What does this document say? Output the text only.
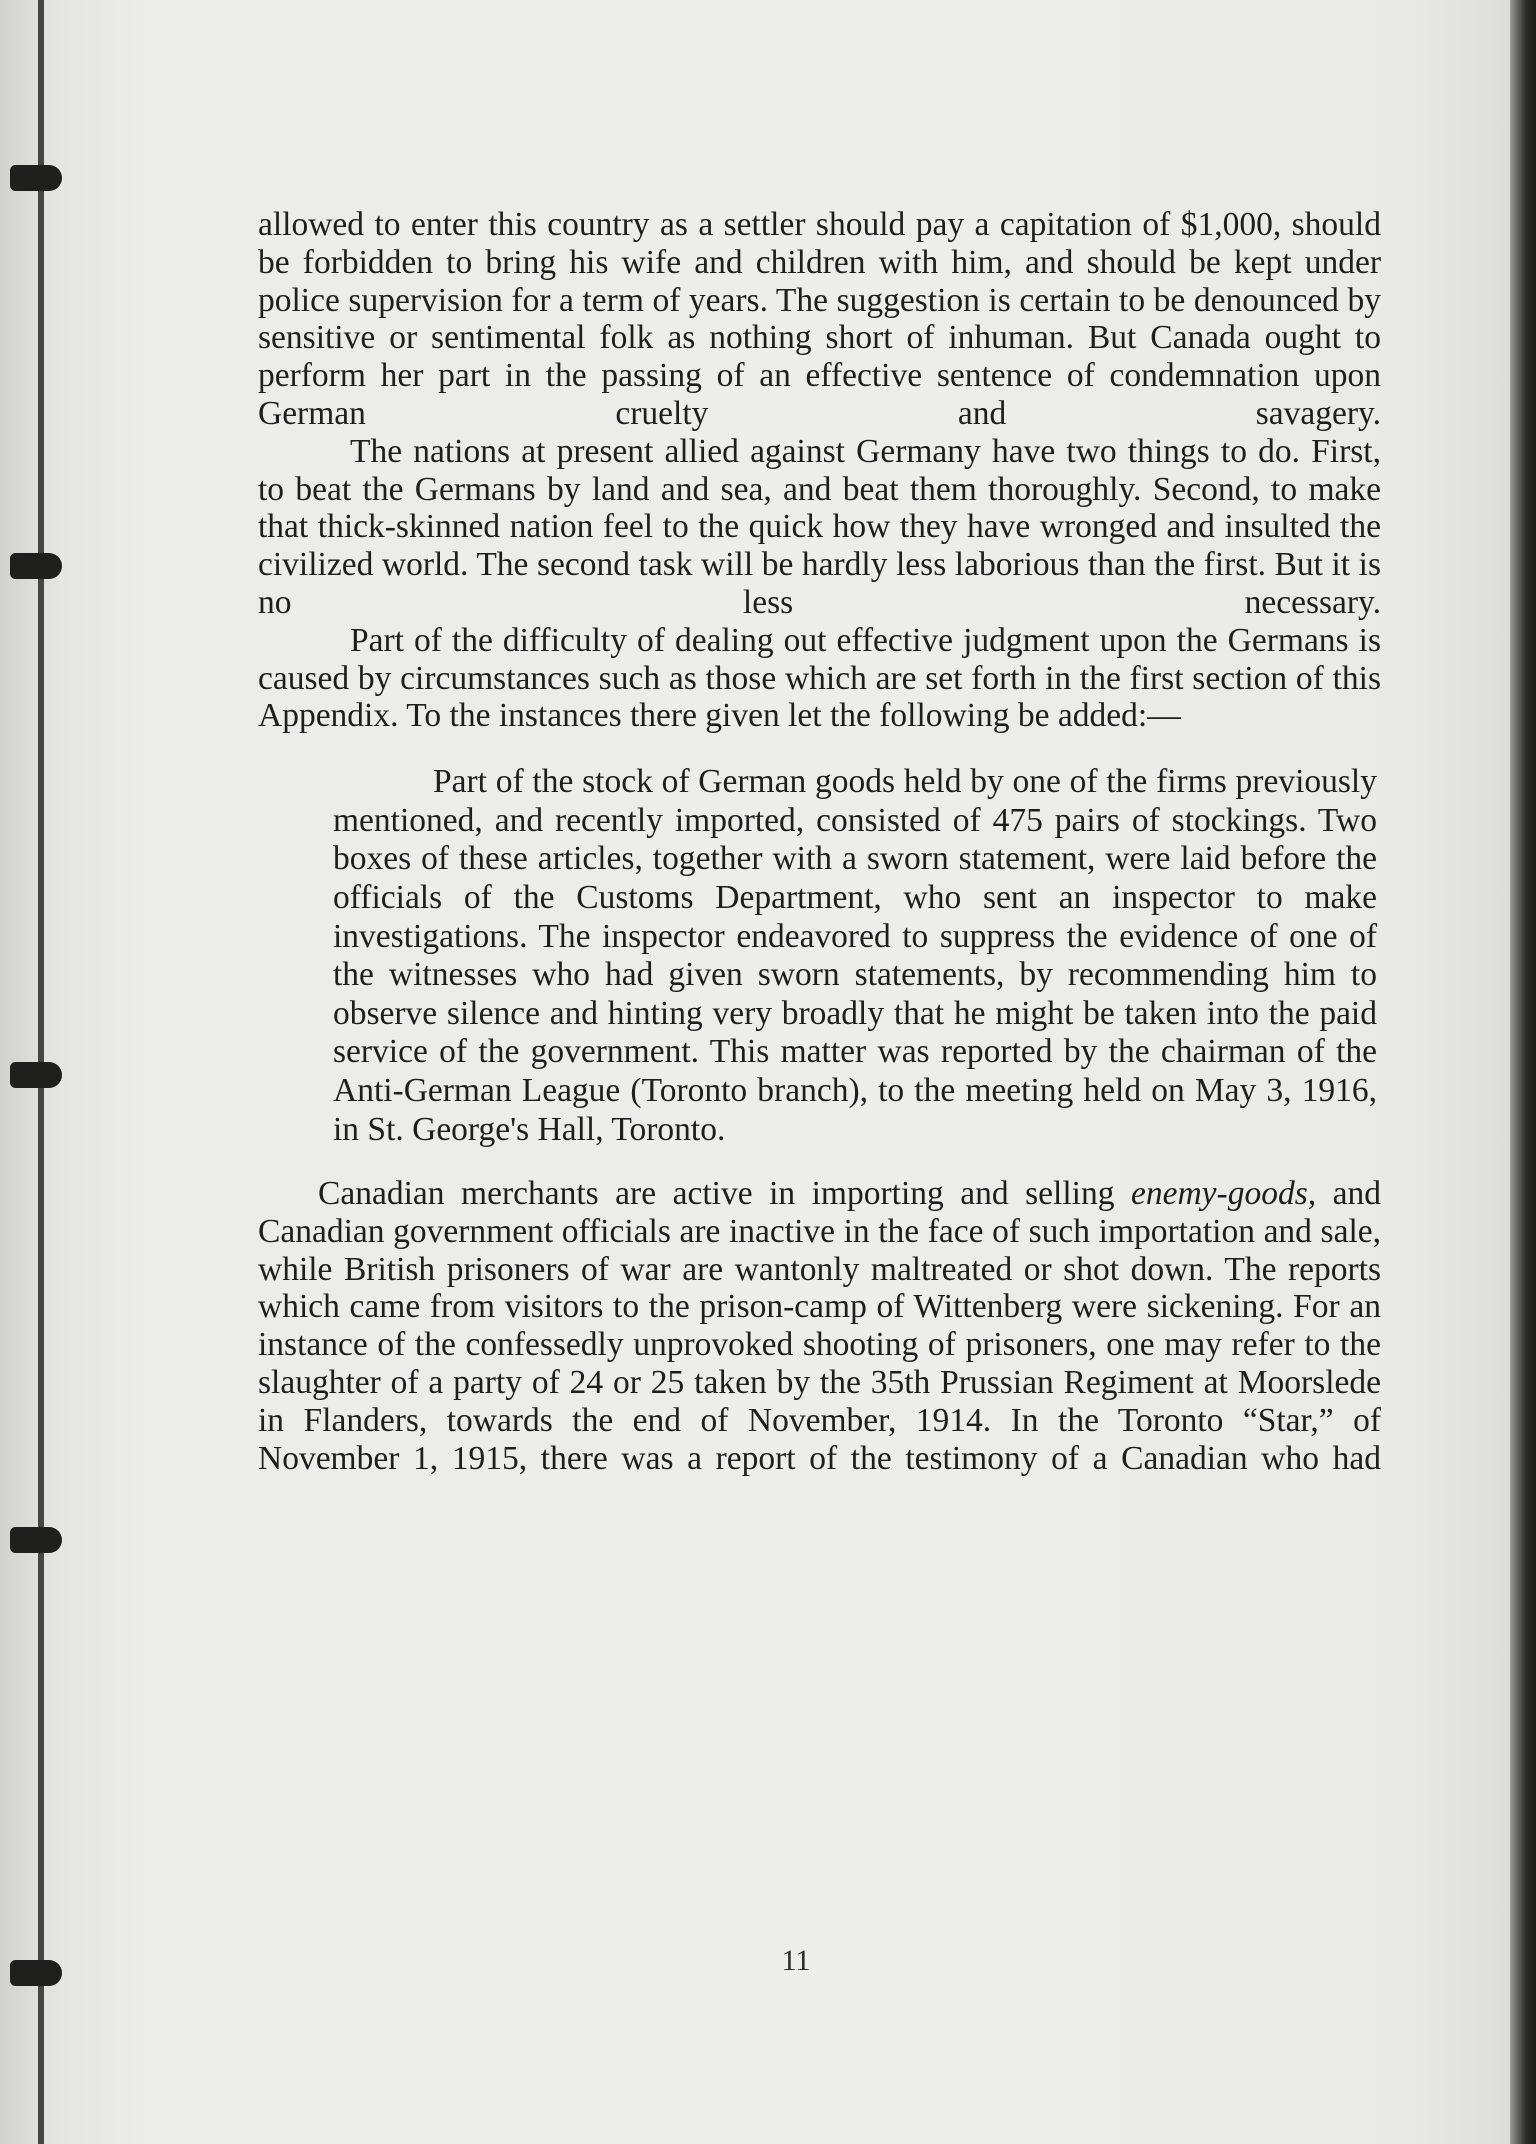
allowed to enter this country as a settler should pay a capitation of $1,000, should be forbidden to bring his wife and children with him, and should be kept under police supervision for a term of years. The suggestion is certain to be denounced by sensitive or sentimental folk as nothing short of inhuman. But Canada ought to perform her part in the passing of an effective sentence of condemnation upon German cruelty and savagery.

The nations at present allied against Germany have two things to do. First, to beat the Germans by land and sea, and beat them thoroughly. Second, to make that thick-skinned nation feel to the quick how they have wronged and insulted the civilized world. The second task will be hardly less laborious than the first. But it is no less necessary.

Part of the difficulty of dealing out effective judgment upon the Germans is caused by circumstances such as those which are set forth in the first section of this Appendix. To the instances there given let the following be added:—

Part of the stock of German goods held by one of the firms previously mentioned, and recently imported, consisted of 475 pairs of stockings. Two boxes of these articles, together with a sworn statement, were laid before the officials of the Customs Department, who sent an inspector to make investigations. The inspector endeavored to suppress the evidence of one of the witnesses who had given sworn statements, by recommending him to observe silence and hinting very broadly that he might be taken into the paid service of the government. This matter was reported by the chairman of the Anti-German League (Toronto branch), to the meeting held on May 3, 1916, in St. George's Hall, Toronto.

Canadian merchants are active in importing and selling enemy-goods, and Canadian government officials are inactive in the face of such importation and sale, while British prisoners of war are wantonly maltreated or shot down. The reports which came from visitors to the prison-camp of Wittenberg were sickening. For an instance of the confessedly unprovoked shooting of prisoners, one may refer to the slaughter of a party of 24 or 25 taken by the 35th Prussian Regiment at Moorslede in Flanders, towards the end of November, 1914. In the Toronto “Star,” of November 1, 1915, there was a report of the testimony of a Canadian who had

11
